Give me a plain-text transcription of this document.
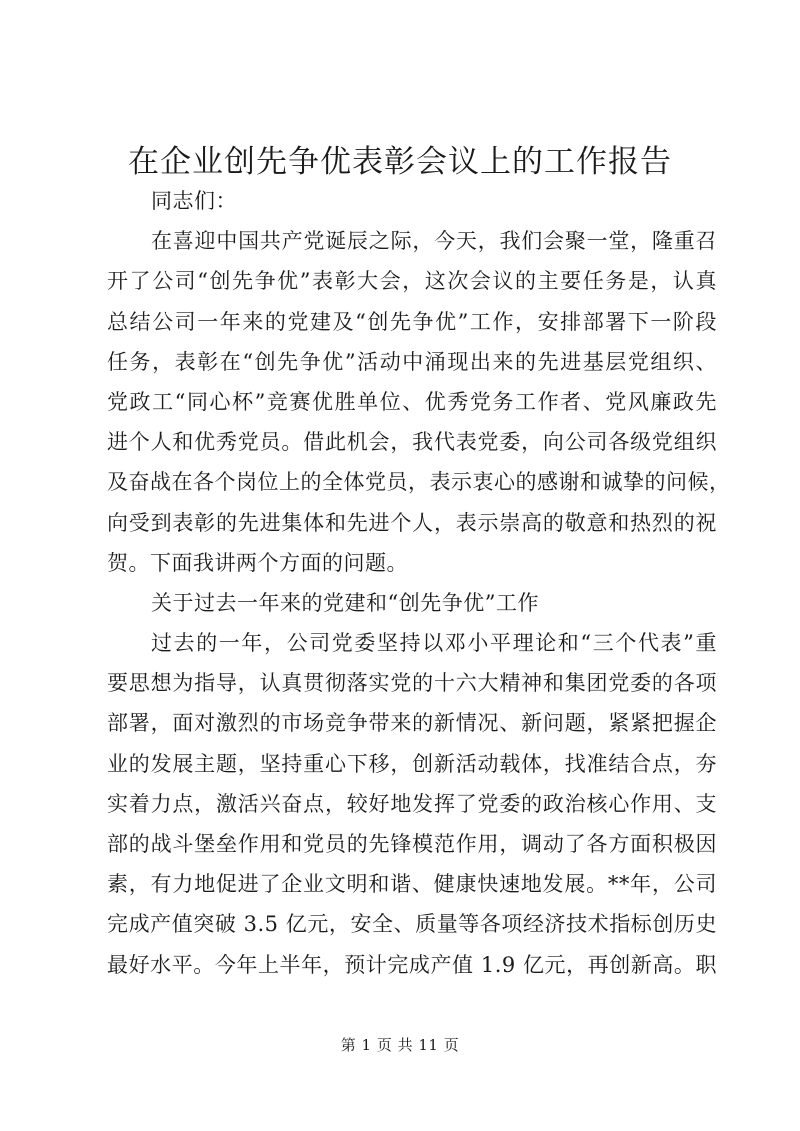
在企业创先争优表彰会议上的工作报告
同志们：
在喜迎中国共产党诞辰之际，今天，我们会聚一堂，隆重召
开了公司“创先争优”表彰大会，这次会议的主要任务是，认真
总结公司一年来的党建及“创先争优”工作，安排部署下一阶段
任务，表彰在“创先争优”活动中涌现出来的先进基层党组织、
党政工“同心杯”竞赛优胜单位、优秀党务工作者、党风廉政先
进个人和优秀党员。借此机会，我代表党委，向公司各级党组织
及奋战在各个岗位上的全体党员，表示衷心的感谢和诚挚的问候，
向受到表彰的先进集体和先进个人，表示崇高的敬意和热烈的祝
贺。下面我讲两个方面的问题。
关于过去一年来的党建和“创先争优”工作
过去的一年，公司党委坚持以邓小平理论和“三个代表”重
要思想为指导，认真贯彻落实党的十六大精神和集团党委的各项
部署，面对激烈的市场竞争带来的新情况、新问题，紧紧把握企
业的发展主题，坚持重心下移，创新活动载体，找准结合点，夯
实着力点，激活兴奋点，较好地发挥了党委的政治核心作用、支
部的战斗堡垒作用和党员的先锋模范作用，调动了各方面积极因
素，有力地促进了企业文明和谐、健康快速地发展。**年，公司
完成产值突破 3.5 亿元，安全、质量等各项经济技术指标创历史
最好水平。今年上半年，预计完成产值 1.9 亿元，再创新高。职
第 1 页 共 11 页
